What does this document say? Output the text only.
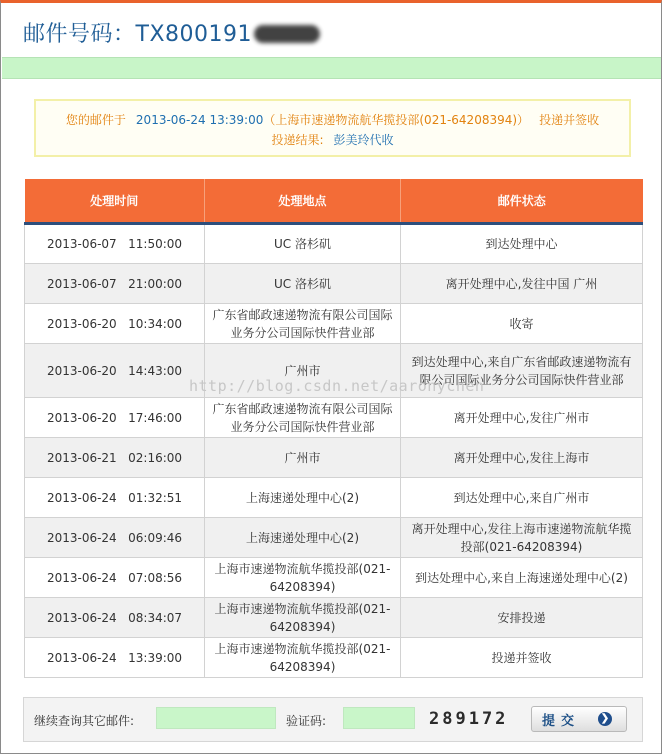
邮件号码：TX800191
您的邮件于 2013-06-24 13:39:00（上海市速递物流航华揽投部(021-64208394)） 投递并签收
投递结果: 彭美玲代收
处理时间	处理地点	邮件状态
2013-06-07   11:50:00	UC 洛杉矶	到达处理中心
2013-06-07   21:00:00	UC 洛杉矶	离开处理中心,发往中国 广州
2013-06-20   10:34:00	广东省邮政速递物流有限公司国际业务分公司国际快件营业部	收寄
2013-06-20   14:43:00	广州市	到达处理中心,来自广东省邮政速递物流有限公司国际业务分公司国际快件营业部
2013-06-20   17:46:00	广东省邮政速递物流有限公司国际业务分公司国际快件营业部	离开处理中心,发往广州市
2013-06-21   02:16:00	广州市	离开处理中心,发往上海市
2013-06-24   01:32:51	上海速递处理中心(2)	到达处理中心,来自广州市
2013-06-24   06:09:46	上海速递处理中心(2)	离开处理中心,发往上海市速递物流航华揽投部(021-64208394)
2013-06-24   07:08:56	上海市速递物流航华揽投部(021-64208394)	到达处理中心,来自上海速递处理中心(2)
2013-06-24   08:34:07	上海市速递物流航华揽投部(021-64208394)	安排投递
2013-06-24   13:39:00	上海市速递物流航华揽投部(021-64208394)	投递并签收
http://blog.csdn.net/aaronychen
继续查询其它邮件:	验证码:	289172	提交 ❯
